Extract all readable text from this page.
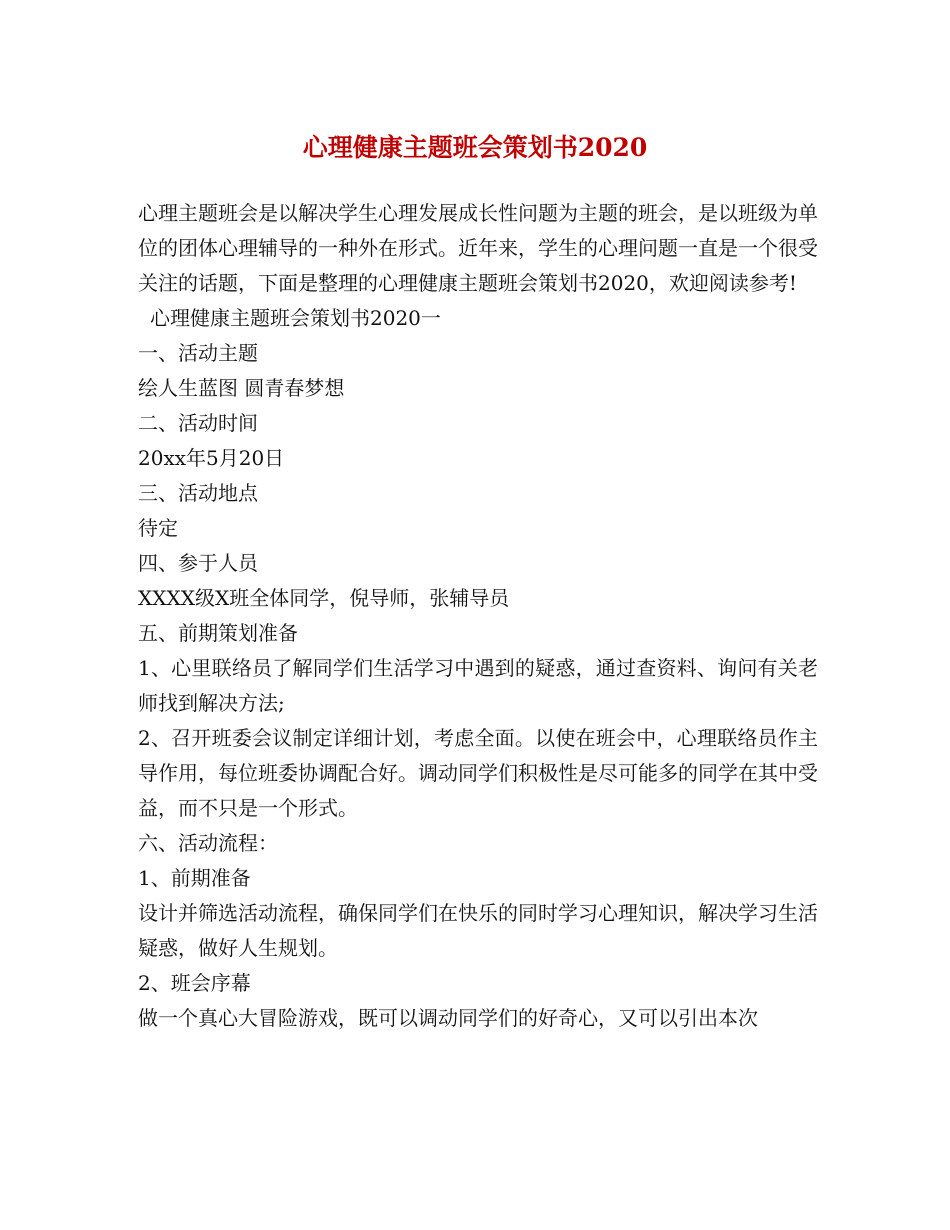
心理健康主题班会策划书2020

心理主题班会是以解决学生心理发展成长性问题为主题的班会，是以班级为单位的团体心理辅导的一种外在形式。近年来，学生的心理问题一直是一个很受关注的话题，下面是整理的心理健康主题班会策划书2020，欢迎阅读参考!

心理健康主题班会策划书2020一

一、活动主题

绘人生蓝图 圆青春梦想

二、活动时间

20xx年5月20日

三、活动地点

待定

四、参于人员

XXXX级X班全体同学，倪导师，张辅导员

五、前期策划准备

1、心里联络员了解同学们生活学习中遇到的疑惑，通过查资料、询问有关老师找到解决方法;

2、召开班委会议制定详细计划，考虑全面。以使在班会中，心理联络员作主导作用，每位班委协调配合好。调动同学们积极性是尽可能多的同学在其中受益，而不只是一个形式。

六、活动流程：

1、前期准备

设计并筛选活动流程，确保同学们在快乐的同时学习心理知识，解决学习生活疑惑，做好人生规划。

2、班会序幕

做一个真心大冒险游戏，既可以调动同学们的好奇心，又可以引出本次
